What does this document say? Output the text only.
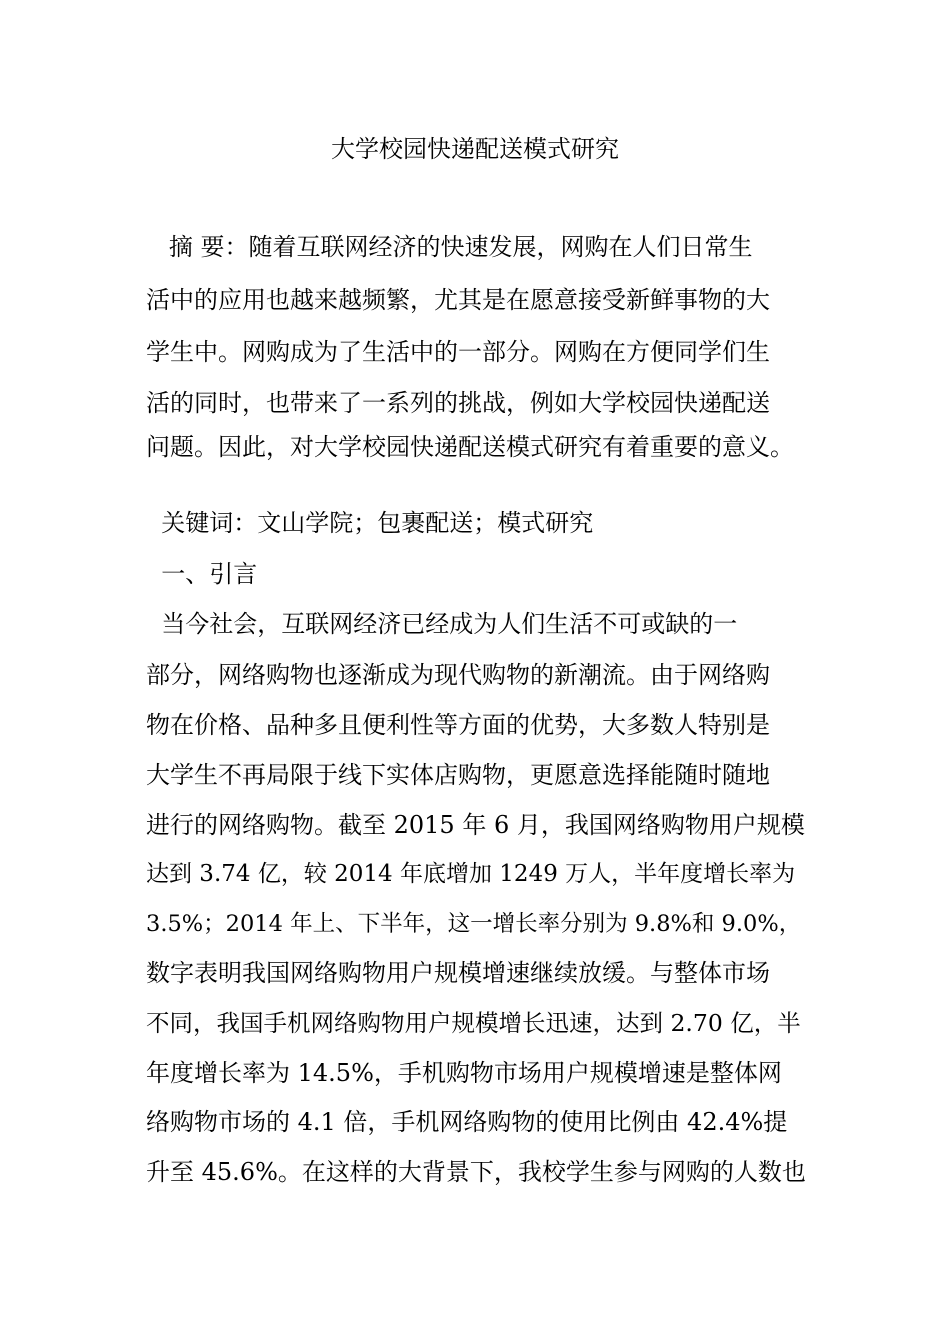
大学校园快递配送模式研究
摘 要：随着互联网经济的快速发展，网购在人们日常生
活中的应用也越来越频繁，尤其是在愿意接受新鲜事物的大
学生中。网购成为了生活中的一部分。网购在方便同学们生
活的同时，也带来了一系列的挑战，例如大学校园快递配送
问题。因此，对大学校园快递配送模式研究有着重要的意义。
关键词：文山学院；包裹配送；模式研究
一、引言
当今社会，互联网经济已经成为人们生活不可或缺的一
部分，网络购物也逐渐成为现代购物的新潮流。由于网络购
物在价格、品种多且便利性等方面的优势，大多数人特别是
大学生不再局限于线下实体店购物，更愿意选择能随时随地
进行的网络购物。截至 2015 年 6 月，我国网络购物用户规模
达到 3.74 亿，较 2014 年底增加 1249 万人，半年度增长率为
3.5%；2014 年上、下半年，这一增长率分别为 9.8%和 9.0%，
数字表明我国网络购物用户规模增速继续放缓。与整体市场
不同，我国手机网络购物用户规模增长迅速，达到 2.70 亿，半
年度增长率为 14.5%，手机购物市场用户规模增速是整体网
络购物市场的 4.1 倍，手机网络购物的使用比例由 42.4%提
升至 45.6%。在这样的大背景下，我校学生参与网购的人数也
